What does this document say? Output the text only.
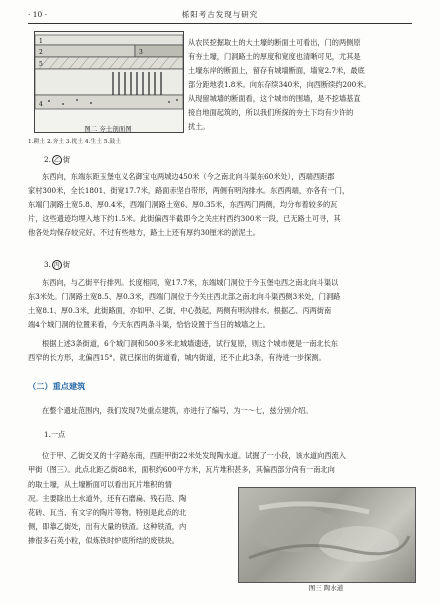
· 10 ·	栎阳考古发现与研究
1
2	3
5
4
图二 夯土剖面图
1.耕土 2.夯土 3.扰土 4.生土 5.鼓土

从农民挖掘取土的大土壕的断面土可看出，门的两侧原

有夯土壕，门洞路土的厚度和宽度也清晰可见，尤其是

土壕东岸的断面上，留存有城墙断面，墙宽2.7米，最底

部分距地表1.8米。向东存续340米，向西断续约200米。

从现留城墙的断面看，这个城市的围墙，是不挖墙基直

接自地面起筑的，所以我们所探的夯土下均有少许的

扰土。

2. 乙 街

东西向，东端东距玉堡屯义名御宝屯两城边450米（今之南北向斗渠东60米处），西端西距郡

家村300米，全长1801、街宽17.7米，路面赤坚自带形，两侧有明沟排水。东西两端，亦各有一门，

东端门洞路土宽5.8、厚0.4米，西端门洞路土宽6、厚0.35米，东西两门两侧，均分布着较多的瓦

片，这些遗迹均埋入地下约1.5米。此街偏西半截即今之关庄村西约300米一段，已无路土可寻，其

他各处均保存较完好。不过有些地方，路土上还有厚约30厘米的淤泥土。

3. 丙 街

东西向，与乙街平行排列。长度相同，宽17.7米，东端城门洞位于今玉堡屯西之南北向斗渠以

东3米处。门洞路土宽8.5、厚0.3米，西端门洞位于今关庄西北部之南北向斗渠西侧3米处，门洞路

土宽8.1、厚0.3米，此街路面，亦如甲、乙街，中心鼓起，两侧有明沟排水。根据乙、丙两街南

端4个城门洞的位置来看，今天东西两条斗渠，恰恰设置于当日的城墙之上。

根据上述3条街道，6个城门洞和500多米北城墙遗迹，试行复原，则这个城市便是一南北长东

西窄的长方形，北偏西15°。就已探出的街道看，城内街道，还不止此3条，有待进一步探测。

（二）重点建筑

在整个遗址范围内，我们发现7处重点建筑，亦进行了编号，为一～七，兹分别介绍。

1.一点

位于甲、乙街交叉的十字路东南，西距甲街22米处发现陶水道。试掘了一小段，该水道向西流入

甲街（图三）。此点北距乙街88米，面积约600平方米，瓦片堆积甚多，其偏西部分尚有一南北向

的取土壕，从土壕断面可以看出瓦片堆积的情

况。主要除出土水道外，还有石磨扁、残石范、陶

花砖、瓦当、有文字的陶片等物。特别是此点的北

侧，即靠乙街处，出有大量的铁渣。这种铁渣，内

掺很多石英小粒，似炼铁时炉底所结的废铁块。

图三 陶水道
